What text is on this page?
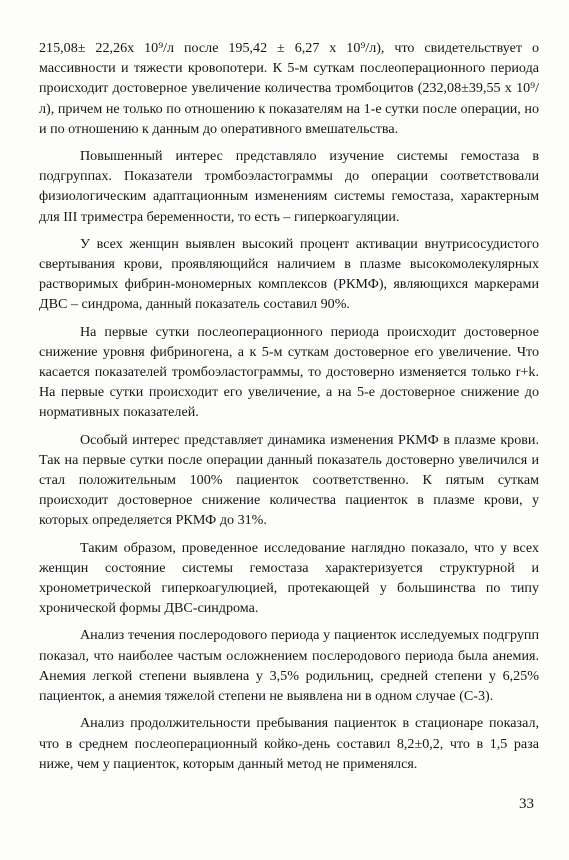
215,08± 22,26х 10⁹/л после 195,42 ± 6,27 х 10⁹/л), что свидетельствует о массивности и тяжести кровопотери. К 5-м суткам послеоперационного периода происходит достоверное увеличение количества тромбоцитов (232,08±39,55 х 10⁹/л), причем не только по отношению к показателям на 1-е сутки после операции, но и по отношению к данным до оперативного вмешательства.

Повышенный интерес представляло изучение системы гемостаза в подгруппах. Показатели тромбоэластограммы до операции соответствовали физиологическим адаптационным изменениям системы гемостаза, характерным для III триместра беременности, то есть – гиперкоагуляции.

У всех женщин выявлен высокий процент активации внутрисосудистого свертывания крови, проявляющийся наличием в плазме высокомолекулярных растворимых фибрин-мономерных комплексов (РКМФ), являющихся маркерами ДВС – синдрома, данный показатель составил 90%.

На первые сутки послеоперационного периода происходит достоверное снижение уровня фибриногена, а к 5-м суткам достоверное его увеличение. Что касается показателей тромбоэластограммы, то достоверно изменяется только r+k. На первые сутки происходит его увеличение, а на 5-е достоверное снижение до нормативных показателей.

Особый интерес представляет динамика изменения РКМФ в плазме крови. Так на первые сутки после операции данный показатель достоверно увеличился и стал положительным 100% пациенток соответственно. К пятым суткам происходит достоверное снижение количества пациенток в плазме крови, у которых определяется РКМФ до 31%.

Таким образом, проведенное исследование наглядно показало, что у всех женщин состояние системы гемостаза характеризуется структурной и хронометрической гиперкоагулюцией, протекающей у большинства по типу хронической формы ДВС-синдрома.

Анализ течения послеродового периода у пациенток исследуемых подгрупп показал, что наиболее частым осложнением послеродового периода была анемия. Анемия легкой степени выявлена у 3,5% родильниц, средней степени у 6,25% пациенток, а анемия тяжелой степени не выявлена ни в одном случае (С-3).

Анализ продолжительности пребывания пациенток в стационаре показал, что в среднем послеоперационный койко-день составил 8,2±0,2, что в 1,5 раза ниже, чем у пациенток, которым данный метод не применялся.

33
